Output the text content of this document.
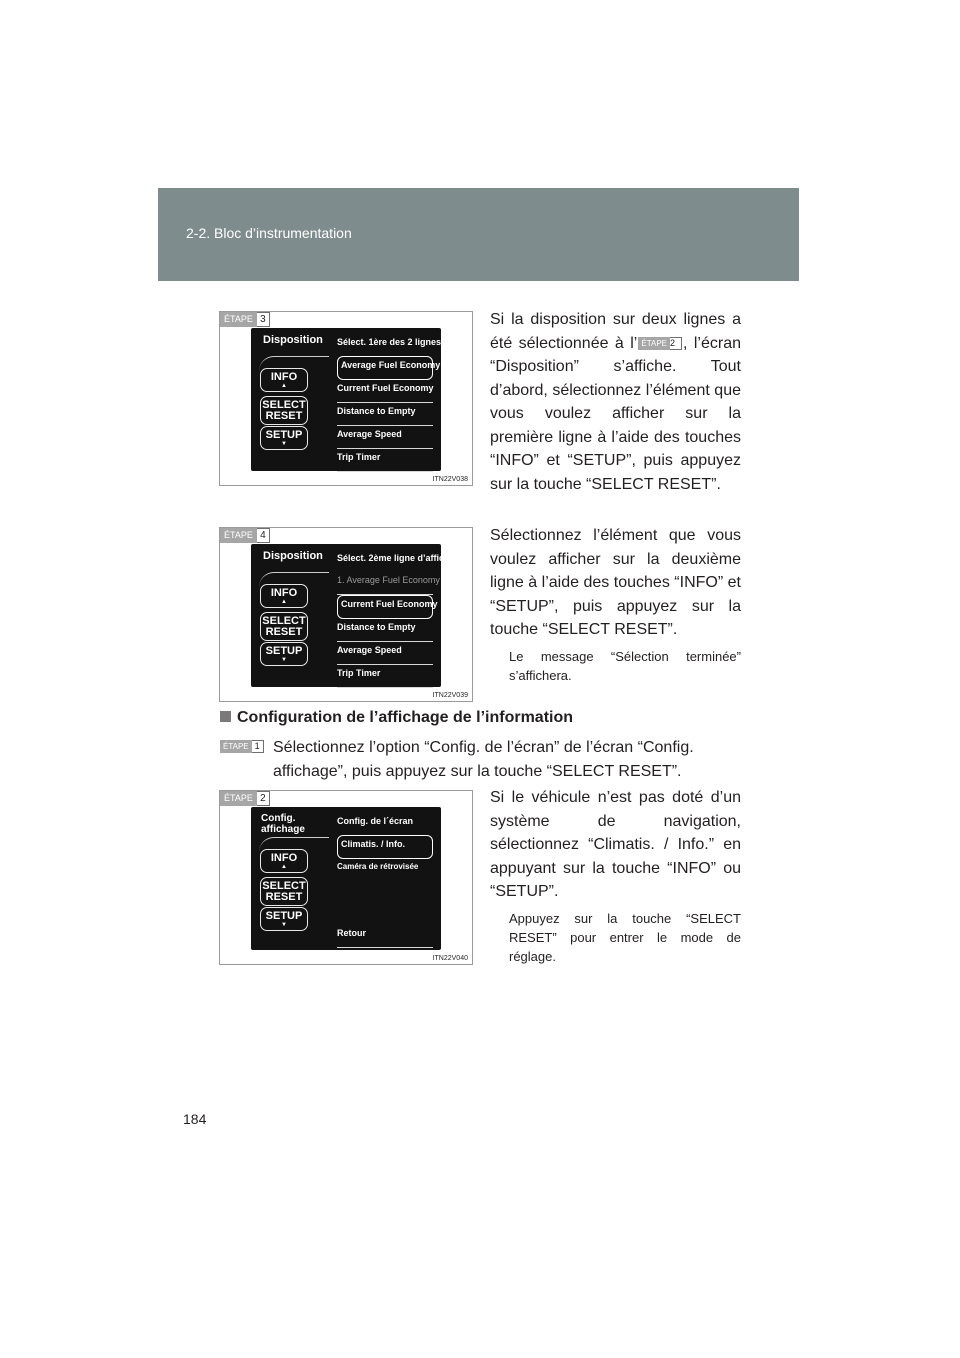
2-2. Bloc d’instrumentation
ÉTAPE 3
Disposition Sélect. 1ère des 2 lignes
Average Fuel Economy
Current Fuel Economy
Distance to Empty
Average Speed
Trip Timer
INFO
▲
SELECT RESET
SETUP
▼
ITN22V038
Si la disposition sur deux lignes a été sélectionnée à l’ ÉTAPE 2 , l’écran “Disposition” s’affiche. Tout d’abord, sélectionnez l’élément que vous voulez afficher sur la première ligne à l’aide des touches “INFO” et “SETUP”, puis appuyez sur la touche “SELECT RESET”.
ÉTAPE 4
Disposition Sélect. 2ème ligne d’affich.
1. Average Fuel Economy
Current Fuel Economy
Distance to Empty
Average Speed
Trip Timer
INFO
▲
SELECT RESET
SETUP
▼
ITN22V039
Sélectionnez l’élément que vous voulez afficher sur la deuxième ligne à l’aide des touches “INFO” et “SETUP”, puis appuyez sur la touche “SELECT RESET”.
Le message “Sélection terminée” s’affichera.
Configuration de l’affichage de l’information
ÉTAPE 1 Sélectionnez l’option “Config. de l’écran” de l’écran “Config. affichage”, puis appuyez sur la touche “SELECT RESET”.
ÉTAPE 2
Config.
affichage
Config. de l´écran
Climatis. / Info.
Caméra de rétrovisée
Retour
INFO
▲
SELECT RESET
SETUP
▼
ITN22V040
Si le véhicule n’est pas doté d’un système de navigation, sélectionnez “Climatis. / Info.” en appuyant sur la touche “INFO” ou “SETUP”.
Appuyez sur la touche “SELECT RESET” pour entrer le mode de réglage.
184
